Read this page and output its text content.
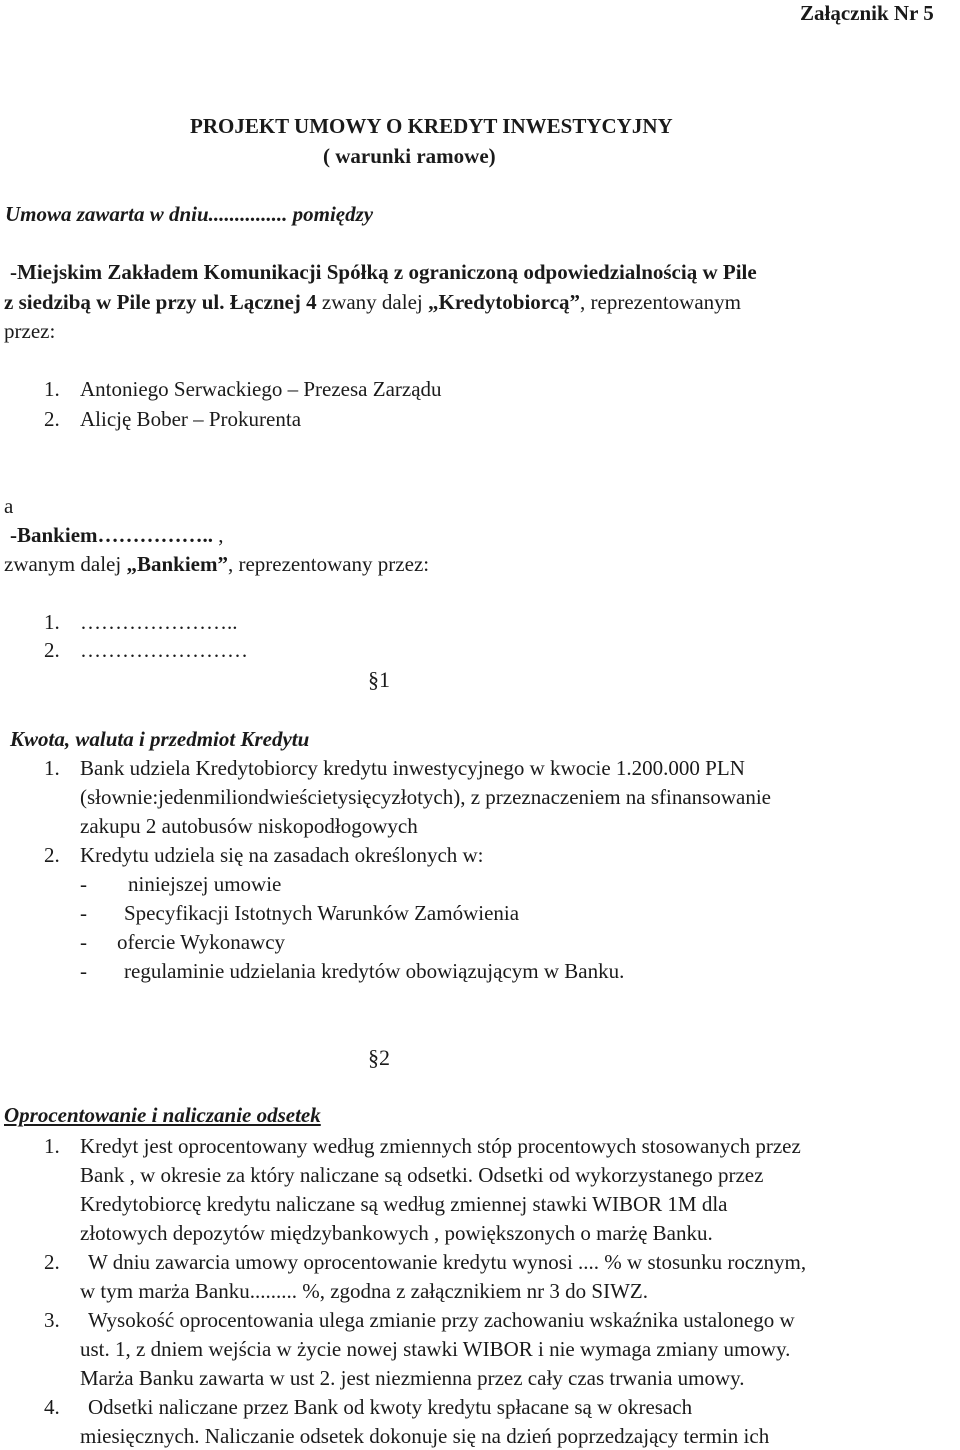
Załącznik Nr 5
PROJEKT UMOWY O KREDYT INWESTYCYJNY
( warunki ramowe)
Umowa zawarta w dniu............... pomiędzy
-Miejskim Zakładem Komunikacji Spółką z ograniczoną odpowiedzialnością w Pile
z siedzibą w Pile przy ul. Łącznej 4 zwany dalej „Kredytobiorcą”, reprezentowanym
przez:
1. Antoniego Serwackiego – Prezesa Zarządu
2. Alicję Bober – Prokurenta
a
-Bankiem…………….. ,
zwanym dalej „Bankiem”, reprezentowany przez:
1. …………………..
2. ……………………
§1
Kwota, waluta i przedmiot Kredytu
1. Bank udziela Kredytobiorcy kredytu inwestycyjnego w kwocie 1.200.000 PLN
(słownie:jedenmiliondwieścietysięcyzłotych), z przeznaczeniem na sfinansowanie
zakupu 2 autobusów niskopodłogowych
2. Kredytu udziela się na zasadach określonych w:
- niniejszej umowie
- Specyfikacji Istotnych Warunków Zamówienia
- ofercie Wykonawcy
- regulaminie udzielania kredytów obowiązującym w Banku.
§2
Oprocentowanie i naliczanie odsetek
1. Kredyt jest oprocentowany według zmiennych stóp procentowych stosowanych przez
Bank , w okresie za który naliczane są odsetki. Odsetki od wykorzystanego przez
Kredytobiorcę kredytu naliczane są według zmiennej stawki WIBOR 1M dla
złotowych depozytów międzybankowych , powiększonych o marżę Banku.
2. W dniu zawarcia umowy oprocentowanie kredytu wynosi .... % w stosunku rocznym,
w tym marża Banku......... %, zgodna z załącznikiem nr 3 do SIWZ.
3. Wysokość oprocentowania ulega zmianie przy zachowaniu wskaźnika ustalonego w
ust. 1, z dniem wejścia w życie nowej stawki WIBOR i nie wymaga zmiany umowy.
Marża Banku zawarta w ust 2. jest niezmienna przez cały czas trwania umowy.
4. Odsetki naliczane przez Bank od kwoty kredytu spłacane są w okresach
miesięcznych. Naliczanie odsetek dokonuje się na dzień poprzedzający termin ich
